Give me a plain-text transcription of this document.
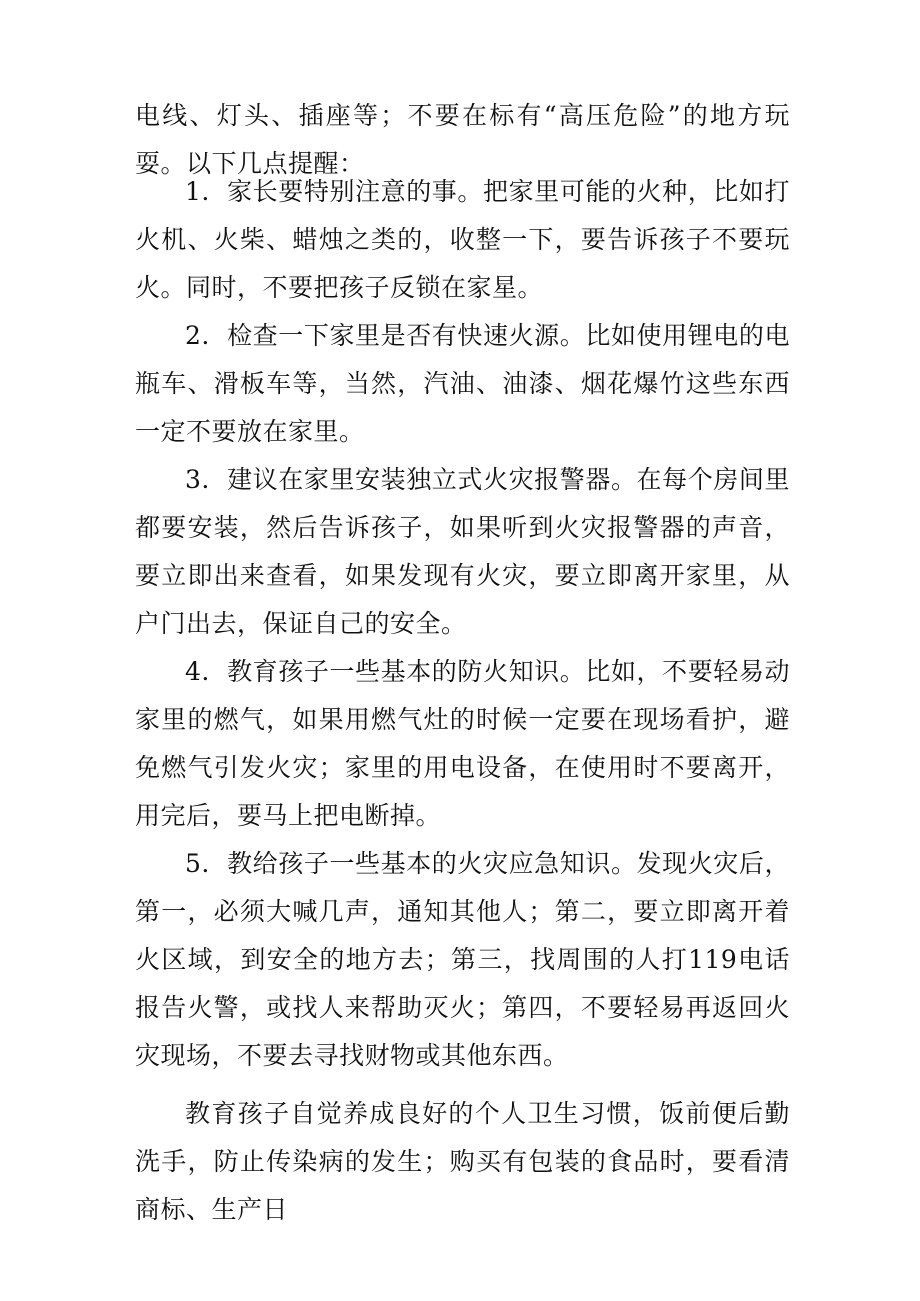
电线、灯头、插座等；不要在标有“高压危险”的地方玩耍。以下几点提醒：

1．家长要特别注意的事。把家里可能的火种，比如打火机、火柴、蜡烛之类的，收整一下，要告诉孩子不要玩火。同时，不要把孩子反锁在家星。

2．检查一下家里是否有快速火源。比如使用锂电的电瓶车、滑板车等，当然，汽油、油漆、烟花爆竹这些东西一定不要放在家里。

3．建议在家里安装独立式火灾报警器。在每个房间里都要安装，然后告诉孩子，如果听到火灾报警器的声音，要立即出来查看，如果发现有火灾，要立即离开家里，从户门出去，保证自己的安全。

4．教育孩子一些基本的防火知识。比如，不要轻易动家里的燃气，如果用燃气灶的时候一定要在现场看护，避免燃气引发火灾；家里的用电设备，在使用时不要离开，用完后，要马上把电断掉。

5．教给孩子一些基本的火灾应急知识。发现火灾后，第一，必须大喊几声，通知其他人；第二，要立即离开着火区域，到安全的地方去；第三，找周围的人打119电话报告火警，或找人来帮助灭火；第四，不要轻易再返回火灾现场，不要去寻找财物或其他东西。

教育孩子自觉养成良好的个人卫生习惯，饭前便后勤洗手，防止传染病的发生；购买有包装的食品时，要看清商标、生产日
